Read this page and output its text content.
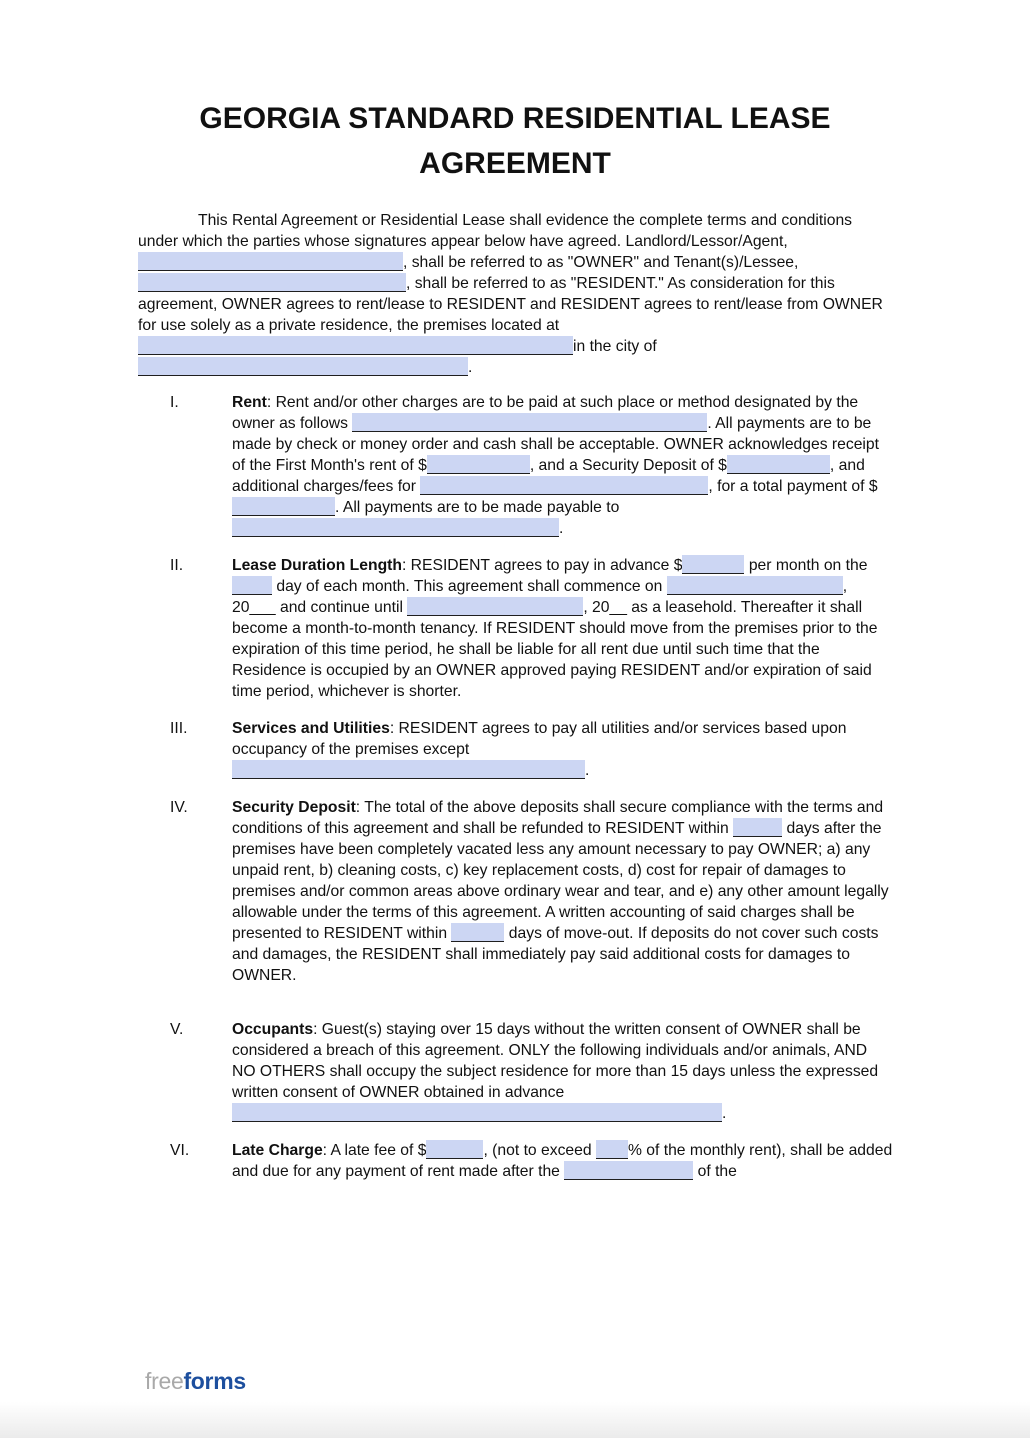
GEORGIA STANDARD RESIDENTIAL LEASE AGREEMENT

This Rental Agreement or Residential Lease shall evidence the complete terms and conditions under which the parties whose signatures appear below have agreed. Landlord/Lessor/Agent, , shall be referred to as "OWNER" and Tenant(s)/Lessee, , shall be referred to as "RESIDENT." As consideration for this agreement, OWNER agrees to rent/lease to RESIDENT and RESIDENT agrees to rent/lease from OWNER for use solely as a private residence, the premises located at in the city of .

I.	Rent: Rent and/or other charges are to be paid at such place or method designated by the owner as follows	. All payments are to be made by check or money order and cash shall be acceptable. OWNER acknowledges receipt of the First Month's rent of $	, and a Security Deposit of $	, and additional charges/fees for	, for a total payment of $. All payments are to be made payable to .
II.	Lease Duration Length: RESIDENT agrees to pay in advance $	per month on the  day of each month. This agreement shall commence on	, 20___ and continue until	, 20__ as a leasehold. Thereafter it shall become a month-to-month tenancy. If RESIDENT should move from the premises prior to the expiration of this time period, he shall be liable for all rent due until such time that the Residence is occupied by an OWNER approved paying RESIDENT and/or expiration of said time period, whichever is shorter.
III.	Services and Utilities: RESIDENT agrees to pay all utilities and/or services based upon occupancy of the premises except
.
IV.	Security Deposit: The total of the above deposits shall secure compliance with the terms and conditions of this agreement and shall be refunded to RESIDENT within	days after the premises have been completely vacated less any amount necessary to pay OWNER; a) any unpaid rent, b) cleaning costs, c) key replacement costs, d) cost for repair of damages to premises and/or common areas above ordinary wear and tear, and e) any other amount legally allowable under the terms of this agreement. A written accounting of said charges shall be presented to RESIDENT within	days of move-out. If deposits do not cover such costs and damages, the RESIDENT shall immediately pay said additional costs for damages to OWNER.
V.	Occupants: Guest(s) staying over 15 days without the written consent of OWNER shall be considered a breach of this agreement. ONLY the following individuals and/or animals, AND NO OTHERS shall occupy the subject residence for more than 15 days unless the expressed written consent of OWNER obtained in advance .
VI.	Late Charge: A late fee of $	, (not to exceed % of the monthly rent), shall be added and due for any payment of rent made after the	of the
freeforms
